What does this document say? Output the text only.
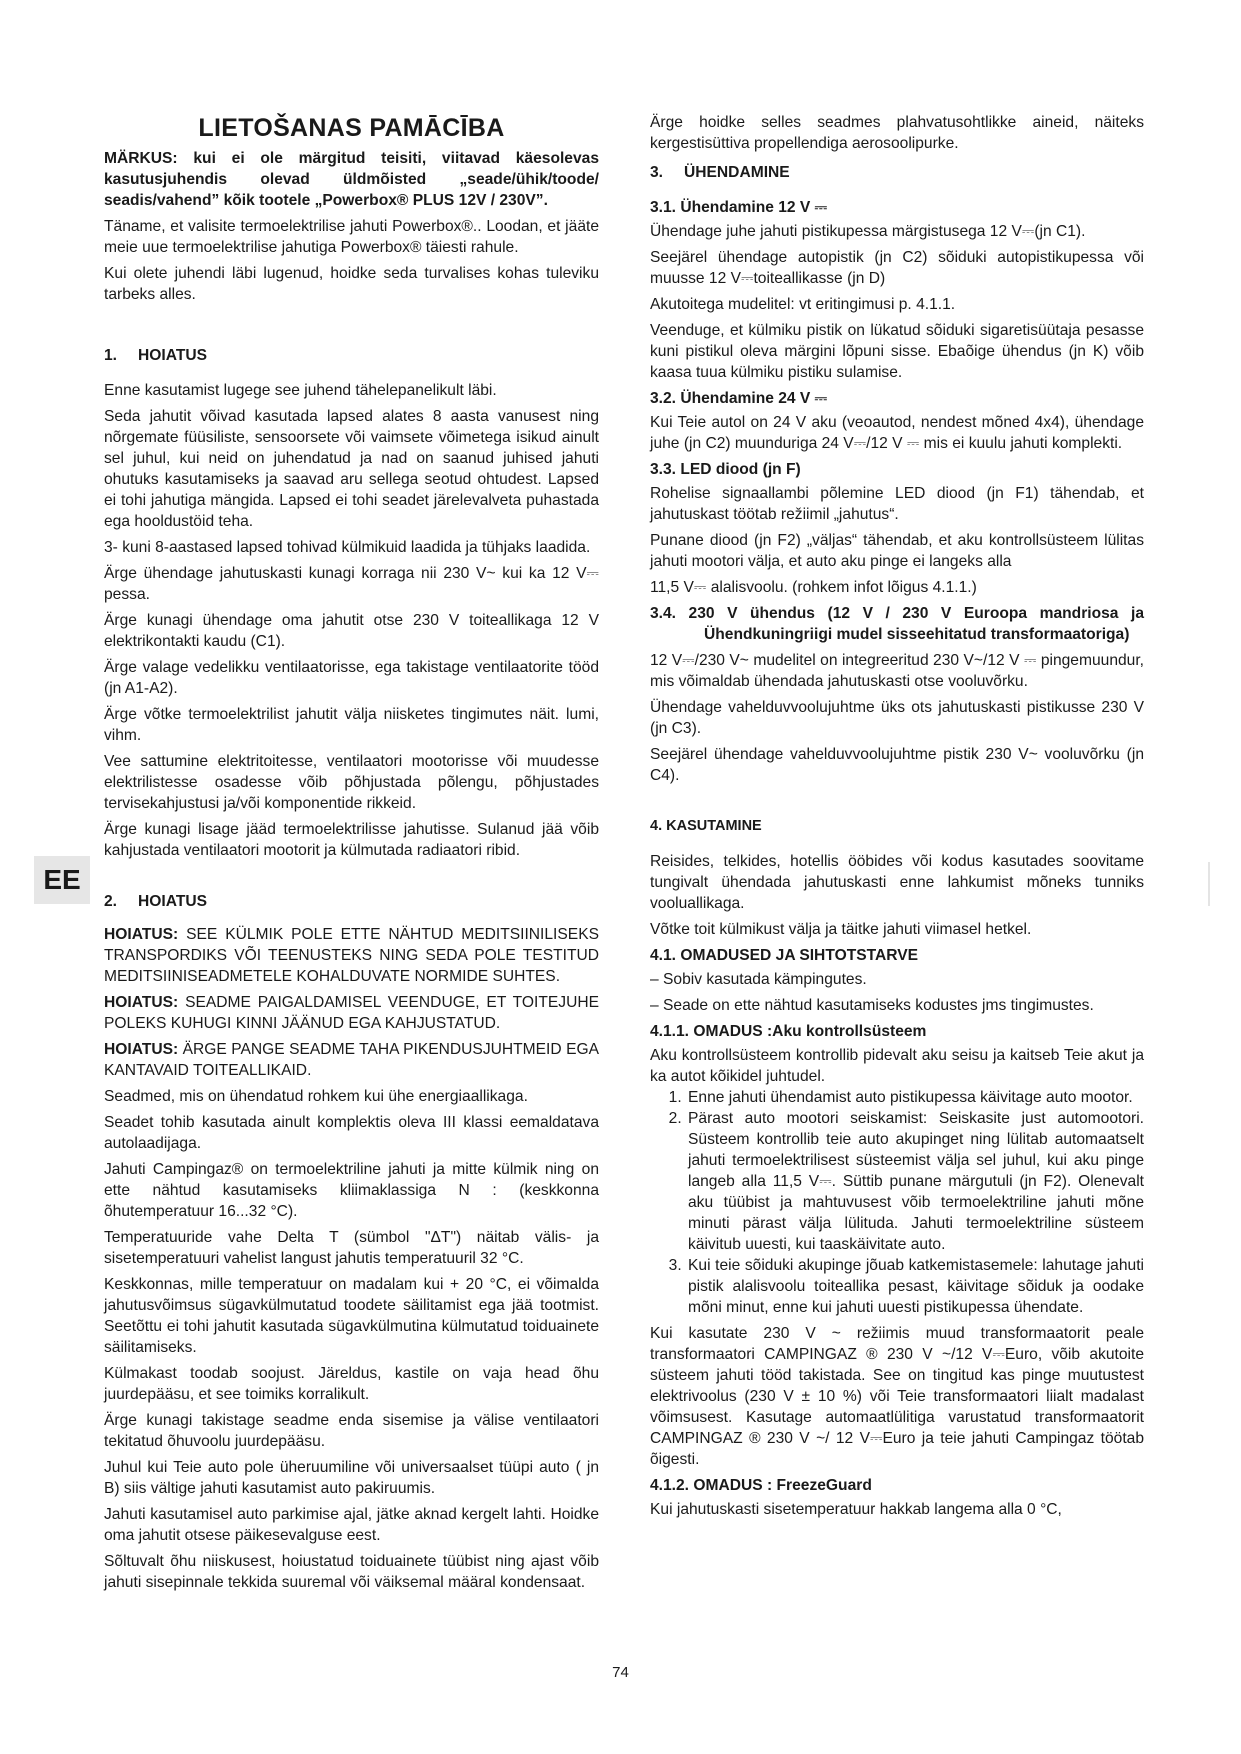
EE
LIETOŠANAS PAMĀCĪBA

MÄRKUS: kui ei ole märgitud teisiti, viitavad käesolevas kasutusjuhendis olevad üldmõisted „seade/ühik/toode/ seadis/vahend” kõik tootele „Powerbox® PLUS 12V / 230V”.

Täname, et valisite termoelektrilise jahuti Powerbox®.. Loodan, et jääte meie uue termoelektrilise jahutiga Powerbox® täiesti rahule.

Kui olete juhendi läbi lugenud, hoidke seda turvalises kohas tuleviku tarbeks alles.

1. HOIATUS

Enne kasutamist lugege see juhend tähelepanelikult läbi.

Seda jahutit võivad kasutada lapsed alates 8 aasta vanusest ning nõrgemate füüsiliste, sensoorsete või vaimsete võimetega isikud ainult sel juhul, kui neid on juhendatud ja nad on saanud juhised jahuti ohutuks kasutamiseks ja saavad aru sellega seotud ohtudest. Lapsed ei tohi jahutiga mängida. Lapsed ei tohi seadet järelevalveta puhastada ega hooldustöid teha.

3- kuni 8-aastased lapsed tohivad külmikuid laadida ja tühjaks laadida.

Ärge ühendage jahutuskasti kunagi korraga nii 230 V~ kui ka 12 V⎓ pessa.

Ärge kunagi ühendage oma jahutit otse 230 V toiteallikaga 12 V elektrikontakti kaudu (C1).

Ärge valage vedelikku ventilaatorisse, ega takistage ventilaatorite tööd (jn A1-A2).

Ärge võtke termoelektrilist jahutit välja niisketes tingimutes näit. lumi, vihm.

Vee sattumine elektritoitesse, ventilaatori mootorisse või muudesse elektrilistesse osadesse võib põhjustada põlengu, põhjustades tervisekahjustusi ja/või komponentide rikkeid.

Ärge kunagi lisage jääd termoelektrilisse jahutisse. Sulanud jää võib kahjustada ventilaatori mootorit ja külmutada radiaatori ribid.

2. HOIATUS

HOIATUS: SEE KÜLMIK POLE ETTE NÄHTUD MEDITSIINILISEKS TRANSPORDIKS VÕI TEENUSTEKS NING SEDA POLE TESTITUD MEDITSIINISEADMETELE KOHALDUVATE NORMIDE SUHTES.

HOIATUS: SEADME PAIGALDAMISEL VEENDUGE, ET TOITEJUHE POLEKS KUHUGI KINNI JÄÄNUD EGA KAHJUSTATUD.

HOIATUS: ÄRGE PANGE SEADME TAHA PIKENDUSJUHTMEID EGA KANTAVAID TOITEALLIKAID.

Seadmed, mis on ühendatud rohkem kui ühe energiaallikaga.

Seadet tohib kasutada ainult komplektis oleva III klassi eemaldatava autolaadijaga.

Jahuti Campingaz® on termoelektriline jahuti ja mitte külmik ning on ette nähtud kasutamiseks kliimaklassiga N : (keskkonna õhutemperatuur 16...32 °C).

Temperatuuride vahe Delta T (sümbol "ΔT") näitab välis- ja sisetemperatuuri vahelist langust jahutis temperatuuril 32 °C.

Keskkonnas, mille temperatuur on madalam kui + 20 °C, ei võimalda jahutusvõimsus sügavkülmutatud toodete säilitamist ega jää tootmist. Seetõttu ei tohi jahutit kasutada sügavkülmutina külmutatud toiduainete säilitamiseks.

Külmakast toodab soojust. Järeldus, kastile on vaja head õhu juurdepääsu, et see toimiks korralikult.

Ärge kunagi takistage seadme enda sisemise ja välise ventilaatori tekitatud õhuvoolu juurdepääsu.

Juhul kui Teie auto pole üheruumiline või universaalset tüüpi auto ( jn B) siis vältige jahuti kasutamist auto pakiruumis.

Jahuti kasutamisel auto parkimise ajal, jätke aknad kergelt lahti. Hoidke oma jahutit otsese päikesevalguse eest.

Sõltuvalt õhu niiskusest, hoiustatud toiduainete tüübist ning ajast võib jahuti sisepinnale tekkida suuremal või väiksemal määral kondensaat.

Ärge hoidke selles seadmes plahvatusohtlikke aineid, näiteks kergestisüttiva propellendiga aerosoolipurke.

3. ÜHENDAMINE
3.1. Ühendamine 12 V ⎓

Ühendage juhe jahuti pistikupessa märgistusega 12 V⎓(jn C1).

Seejärel ühendage autopistik (jn C2) sõiduki autopistikupessa või muusse 12 V⎓toiteallikasse (jn D)

Akutoitega mudelitel: vt eritingimusi p. 4.1.1.

Veenduge, et külmiku pistik on lükatud sõiduki sigaretisüütaja pesasse kuni pistikul oleva märgini lõpuni sisse. Ebaõige ühendus (jn K) võib kaasa tuua külmiku pistiku sulamise.

3.2. Ühendamine 24 V ⎓

Kui Teie autol on 24 V aku (veoautod, nendest mõned 4x4), ühendage juhe (jn C2) muunduriga 24 V⎓/12 V ⎓ mis ei kuulu jahuti komplekti.

3.3. LED diood (jn F)

Rohelise signaallambi põlemine LED diood (jn F1) tähendab, et jahutuskast töötab režiimil „jahutus“.

Punane diood (jn F2) „väljas“ tähendab, et aku kontrollsüsteem lülitas jahuti mootori välja, et auto aku pinge ei langeks alla

11,5 V⎓ alalisvoolu. (rohkem infot lõigus 4.1.1.)

3.4. 230 V ühendus (12 V / 230 V Euroopa mandriosa ja Ühendkuningriigi mudel sisseehitatud transformaatoriga)

12 V⎓/230 V~ mudelitel on integreeritud 230 V~/12 V ⎓ pingemuundur, mis võimaldab ühendada jahutuskasti otse vooluvõrku.

Ühendage vahelduvvoolujuhtme üks ots jahutuskasti pistikusse 230 V (jn C3).

Seejärel ühendage vahelduvvoolujuhtme pistik 230 V~ vooluvõrku (jn C4).

4. KASUTAMINE

Reisides, telkides, hotellis ööbides või kodus kasutades soovitame tungivalt ühendada jahutuskasti enne lahkumist mõneks tunniks vooluallikaga.

Võtke toit külmikust välja ja täitke jahuti viimasel hetkel.

4.1. OMADUSED JA SIHTOTSTARVE

– Sobiv kasutada kämpingutes.

– Seade on ette nähtud kasutamiseks kodustes jms tingimustes.

4.1.1. OMADUS :Aku kontrollsüsteem

Aku kontrollsüsteem kontrollib pidevalt aku seisu ja kaitseb Teie akut ja ka autot kõikidel juhtudel.

1. Enne jahuti ühendamist auto pistikupessa käivitage auto mootor.
2. Pärast auto mootori seiskamist: Seiskasite just automootori. Süsteem kontrollib teie auto akupinget ning lülitab automaatselt jahuti termoelektrilisest süsteemist välja sel juhul, kui aku pinge langeb alla 11,5 V⎓. Süttib punane märgutuli (jn F2). Olenevalt aku tüübist ja mahtuvusest võib termoelektriline jahuti mõne minuti pärast välja lülituda. Jahuti termoelektriline süsteem käivitub uuesti, kui taaskäivitate auto.
3. Kui teie sõiduki akupinge jõuab katkemistasemele: lahutage jahuti pistik alalisvoolu toiteallika pesast, käivitage sõiduk ja oodake mõni minut, enne kui jahuti uuesti pistikupessa ühendate.

Kui kasutate 230 V ~ režiimis muud transformaatorit peale transformaatori CAMPINGAZ ® 230 V ~/12 V⎓Euro, võib akutoite süsteem jahuti tööd takistada. See on tingitud kas pinge muutustest elektrivoolus (230 V ± 10 %) või Teie transformaatori liialt madalast võimsusest. Kasutage automaatlülitiga varustatud transformaatorit CAMPINGAZ ® 230 V ~/ 12 V⎓Euro ja teie jahuti Campingaz töötab õigesti.

4.1.2. OMADUS : FreezeGuard

Kui jahutuskasti sisetemperatuur hakkab langema alla 0 °C,

74
